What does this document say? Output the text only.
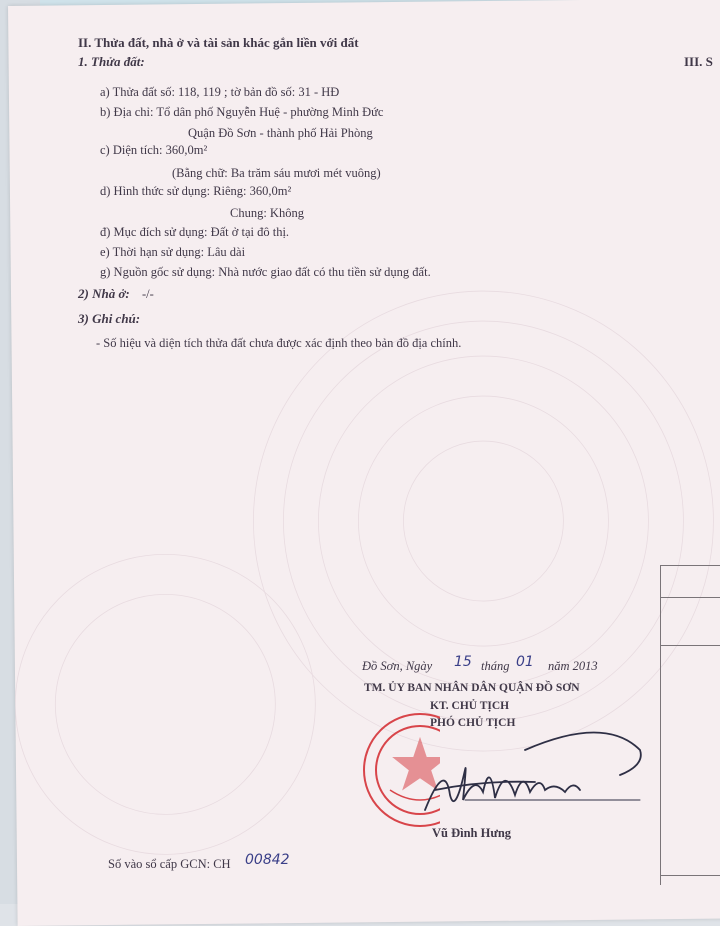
II. Thửa đất, nhà ở và tài sản khác gắn liền với đất
III. S
1. Thửa đất:
a) Thửa đất số: 118, 119 ; tờ bản đồ số: 31 - HĐ
b) Địa chỉ: Tổ dân phố Nguyễn Huệ - phường Minh Đức
Quận Đồ Sơn - thành phố Hải Phòng
c) Diện tích: 360,0m²
(Bằng chữ: Ba trăm sáu mươi mét vuông)
d) Hình thức sử dụng: Riêng: 360,0m²
Chung: Không
đ) Mục đích sử dụng: Đất ở tại đô thị.
e) Thời hạn sử dụng: Lâu dài
g) Nguồn gốc sử dụng: Nhà nước giao đất có thu tiền sử dụng đất.
2) Nhà ở: -/-
3) Ghi chú:
- Số hiệu và diện tích thửa đất chưa được xác định theo bản đồ địa chính.
Đồ Sơn, Ngày 15 tháng 01 năm 2013
TM. ỦY BAN NHÂN DÂN QUẬN ĐỒ SƠN
KT. CHỦ TỊCH
PHÓ CHỦ TỊCH
Vũ Đình Hưng
Số vào sổ cấp GCN: CH 00842
